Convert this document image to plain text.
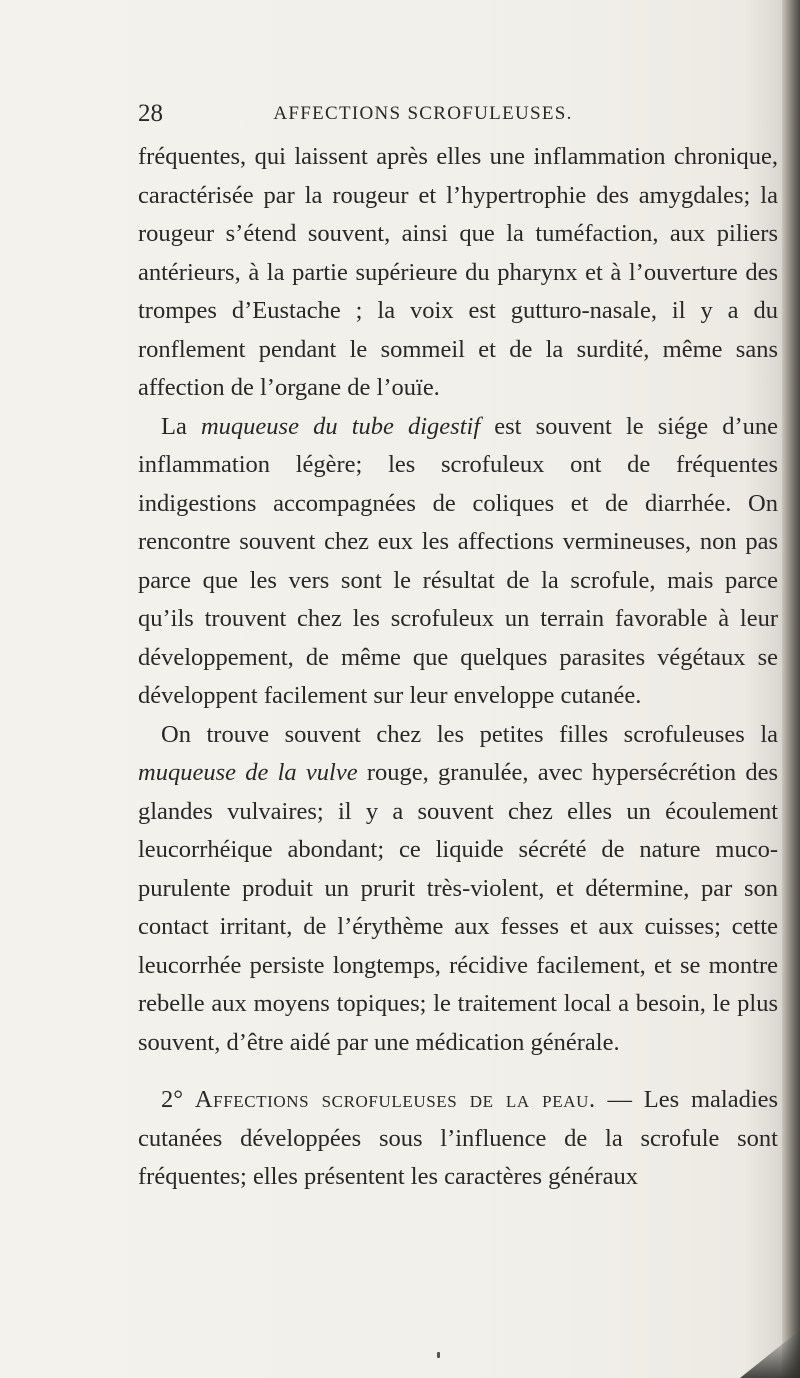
28	AFFECTIONS SCROFULEUSES.

fréquentes, qui laissent après elles une inflammation chronique, caractérisée par la rougeur et l’hypertrophie des amygdales; la rougeur s’étend souvent, ainsi que la tuméfaction, aux piliers antérieurs, à la partie supérieure du pharynx et à l’ouverture des trompes d’Eustache ; la voix est gutturo-nasale, il y a du ronflement pendant le sommeil et de la surdité, même sans affection de l’organe de l’ouïe.

La muqueuse du tube digestif est souvent le siége d’une inflammation légère; les scrofuleux ont de fréquentes indigestions accompagnées de coliques et de diarrhée. On rencontre souvent chez eux les affections vermineuses, non pas parce que les vers sont le résultat de la scrofule, mais parce qu’ils trouvent chez les scrofuleux un terrain favorable à leur développement, de même que quelques parasites végétaux se développent facilement sur leur enveloppe cutanée.

On trouve souvent chez les petites filles scrofuleuses la muqueuse de la vulve rouge, granulée, avec hypersécrétion des glandes vulvaires; il y a souvent chez elles un écoulement leucorrhéique abondant; ce liquide sécrété de nature muco-purulente produit un prurit très-violent, et détermine, par son contact irritant, de l’érythème aux fesses et aux cuisses; cette leucorrhée persiste longtemps, récidive facilement, et se montre rebelle aux moyens topiques; le traitement local a besoin, le plus souvent, d’être aidé par une médication générale.

2° Affections scrofuleuses de la peau. — Les maladies cutanées développées sous l’influence de la scrofule sont fréquentes; elles présentent les caractères généraux
